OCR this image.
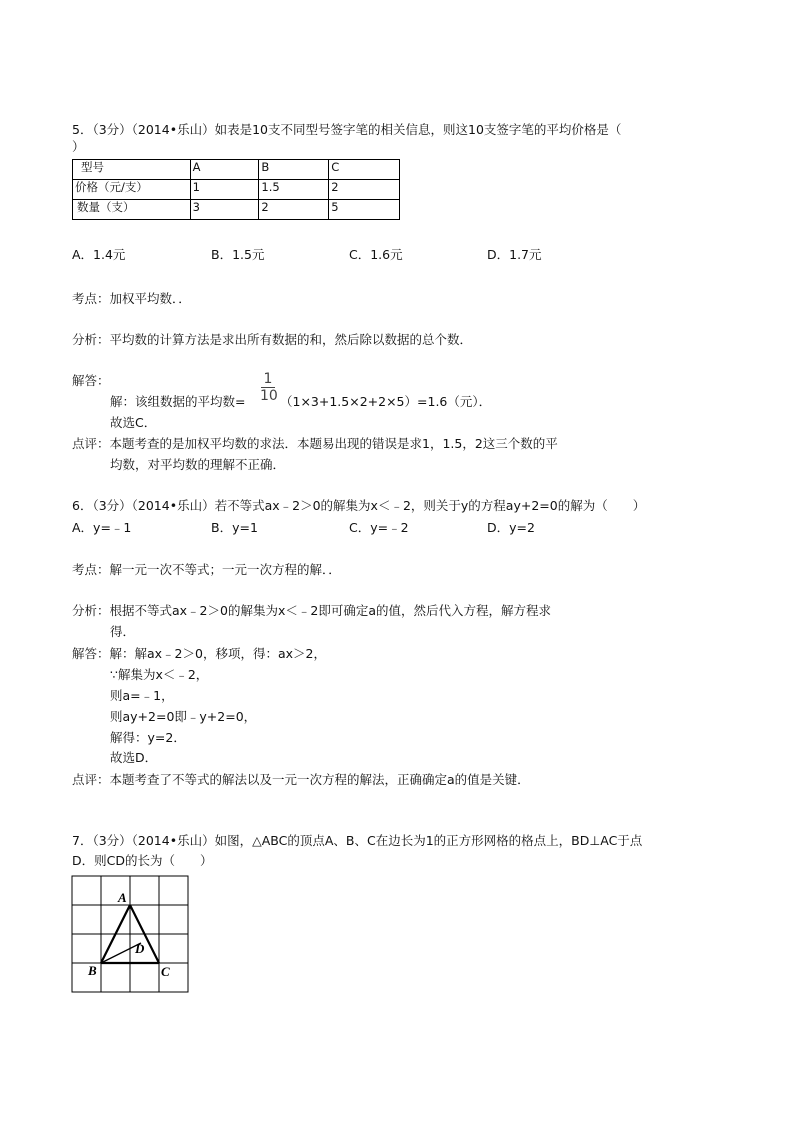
5．（3分）（2014•乐山）如表是10支不同型号签字笔的相关信息，则这10支签字笔的平均价格是（
）
型号	A	B	C
价格（元/支）	1	1.5	2
数量（支）	3	2	5
A．1.4元	B．1.5元	C．1.6元	D．1.7元
考点：加权平均数．．
分析：平均数的计算方法是求出所有数据的和，然后除以数据的总个数．
解答：
解：该组数据的平均数=
1
10 （1×3+1.5×2+2×5）=1.6（元）．
故选C．
点评：本题考查的是加权平均数的求法．本题易出现的错误是求1，1.5，2这三个数的平
均数，对平均数的理解不正确．
6．（3分）（2014•乐山）若不等式ax﹣2＞0的解集为x＜﹣2，则关于y的方程ay+2=0的解为（　　）
A．y=﹣1	B．y=1	C．y=﹣2	D．y=2
考点：解一元一次不等式；一元一次方程的解．．
分析：根据不等式ax﹣2＞0的解集为x＜﹣2即可确定a的值，然后代入方程，解方程求
得．
解答：解：解ax﹣2＞0，移项，得：ax＞2，
∵解集为x＜﹣2，
则a=﹣1，
则ay+2=0即﹣y+2=0，
解得：y=2．
故选D．
点评：本题考查了不等式的解法以及一元一次方程的解法，正确确定a的值是关键．
7．（3分）（2014•乐山）如图，△ABC的顶点A、B、C在边长为1的正方形网格的格点上，BD⊥AC于点
D．则CD的长为（　　）
A
B	C
D
